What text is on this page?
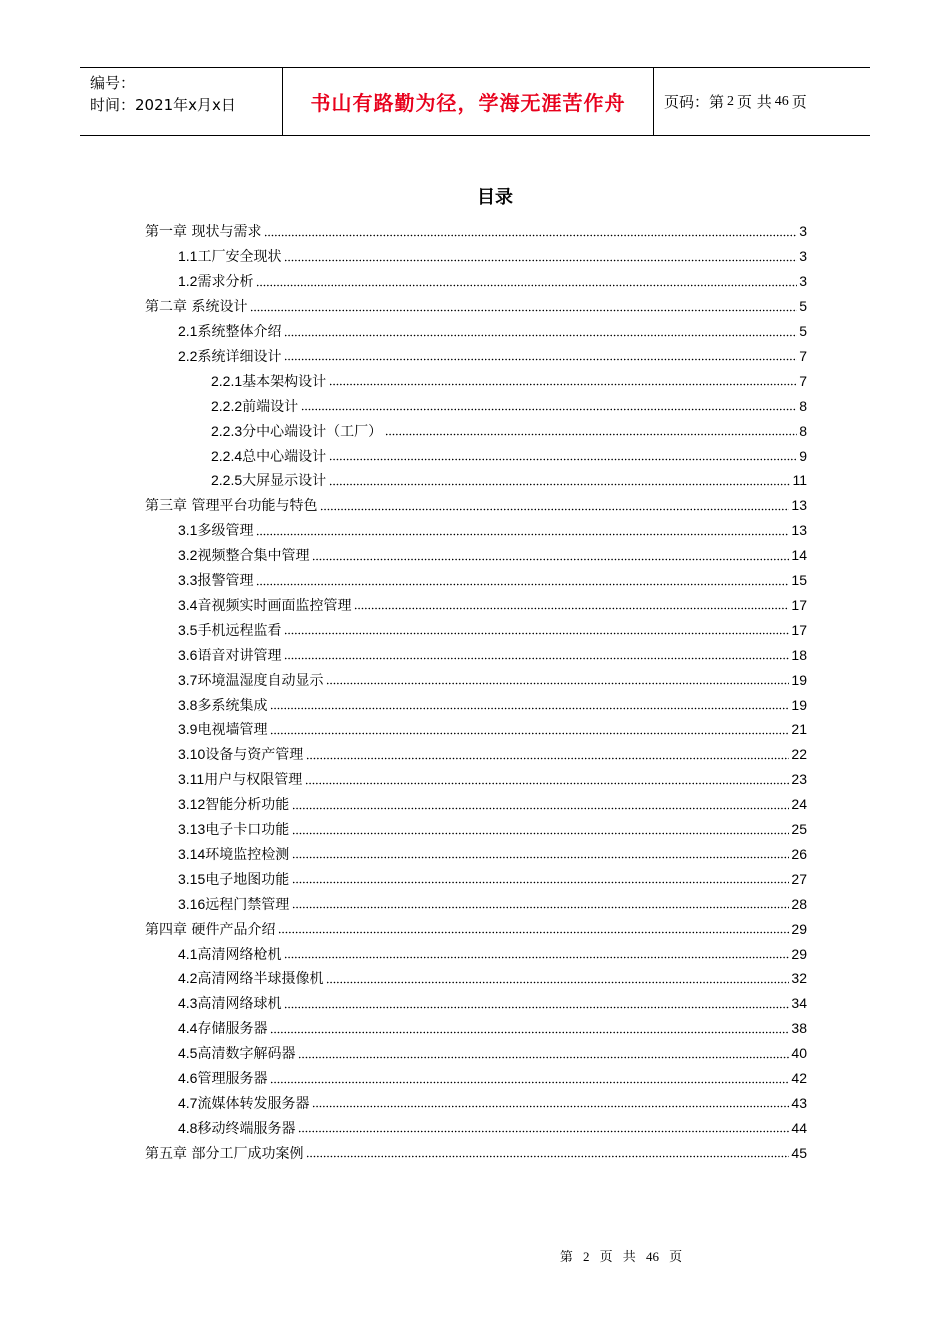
编号：
时间：2021年x月x日	书山有路勤为径，学海无涯苦作舟	页码：第 2 页 共 46 页
目录
第一章 现状与需求	3
1.1工厂安全现状	3
1.2需求分析	3
第二章 系统设计	5
2.1系统整体介绍	5
2.2系统详细设计	7
2.2.1基本架构设计	7
2.2.2前端设计	8
2.2.3分中心端设计（工厂）	8
2.2.4总中心端设计	9
2.2.5大屏显示设计	11
第三章 管理平台功能与特色	13
3.1多级管理	13
3.2视频整合集中管理	14
3.3报警管理	15
3.4音视频实时画面监控管理	17
3.5手机远程监看	17
3.6语音对讲管理	18
3.7环境温湿度自动显示	19
3.8多系统集成	19
3.9电视墙管理	21
3.10设备与资产管理	22
3.11用户与权限管理	23
3.12智能分析功能	24
3.13电子卡口功能	25
3.14环境监控检测	26
3.15电子地图功能	27
3.16远程门禁管理	28
第四章 硬件产品介绍	29
4.1高清网络枪机	29
4.2高清网络半球摄像机	32
4.3高清网络球机	34
4.4存储服务器	38
4.5高清数字解码器	40
4.6管理服务器	42
4.7流媒体转发服务器	43
4.8移动终端服务器	44
第五章 部分工厂成功案例	45
第 2 页 共 46 页
